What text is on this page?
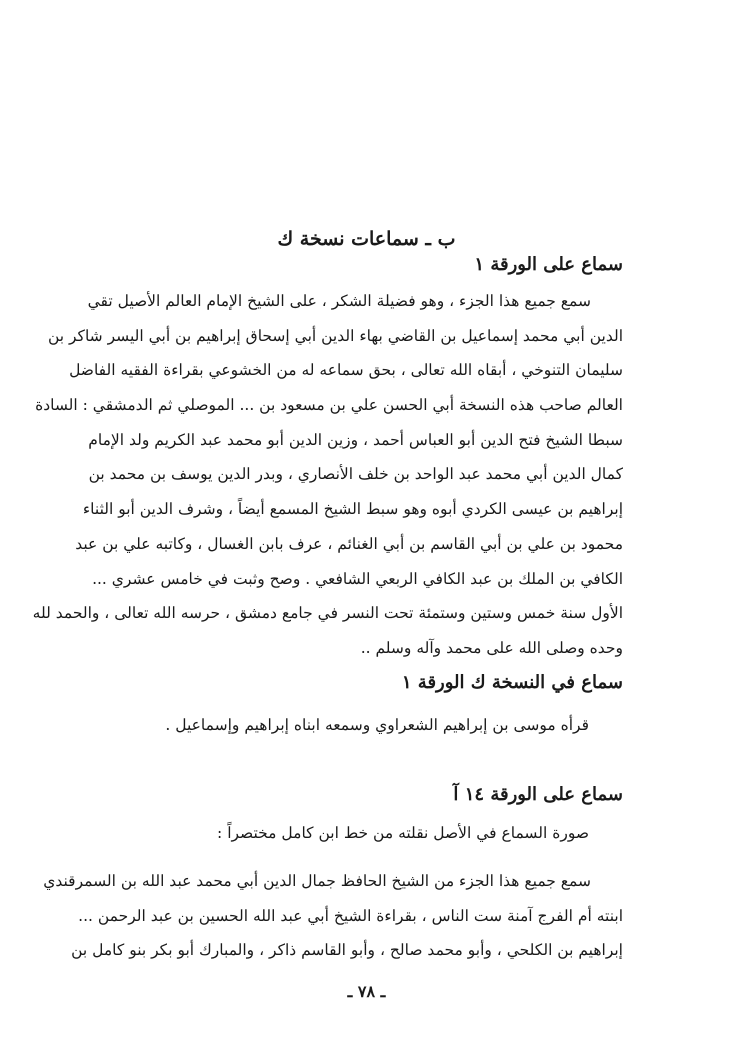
ب ـ سماعات نسخة ك
سماع على الورقة ١
سمع جميع هذا الجزء ، وهو فضيلة الشكر ، على الشيخ الإمام العالم الأصيل تقي
الدين أبي محمد إسماعيل بن القاضي بهاء الدين أبي إسحاق إبراهيم بن أبي اليسر شاكر بن
سليمان التنوخي ، أبقاه الله تعالى ، بحق سماعه له من الخشوعي بقراءة الفقيه الفاضل
العالم صاحب هذه النسخة أبي الحسن علي بن مسعود بن ... الموصلي ثم الدمشقي : السادة
سبطا الشيخ فتح الدين أبو العباس أحمد ، وزين الدين أبو محمد عبد الكريم ولد الإمام
كمال الدين أبي محمد عبد الواحد بن خلف الأنصاري ، وبدر الدين يوسف بن محمد بن
إبراهيم بن عيسى الكردي أبوه وهو سبط الشيخ المسمع أيضاً ، وشرف الدين أبو الثناء
محمود بن علي بن أبي القاسم بن أبي الغنائم ، عرف بابن الغسال ، وكاتبه علي بن عبد
الكافي بن الملك بن عبد الكافي الربعي الشافعي . وصح وثبت في خامس عشري ...
الأول سنة خمس وستين وستمئة تحت النسر في جامع دمشق ، حرسه الله تعالى ، والحمد لله
وحده وصلى الله على محمد وآله وسلم ..
سماع في النسخة ك الورقة ١
قرأه موسى بن إبراهيم الشعراوي وسمعه ابناه إبراهيم وإسماعيل .
سماع على الورقة ١٤ آ
صورة السماع في الأصل نقلته من خط ابن كامل مختصراً :
سمع جميع هذا الجزء من الشيخ الحافظ جمال الدين أبي محمد عبد الله بن السمرقندي
ابنته أم الفرج آمنة ست الناس ، بقراءة الشيخ أبي عبد الله الحسين بن عبد الرحمن ...
إبراهيم بن الكلحي ، وأبو محمد صالح ، وأبو القاسم ذاكر ، والمبارك أبو بكر بنو كامل بن
ـ ٧٨ ـ
